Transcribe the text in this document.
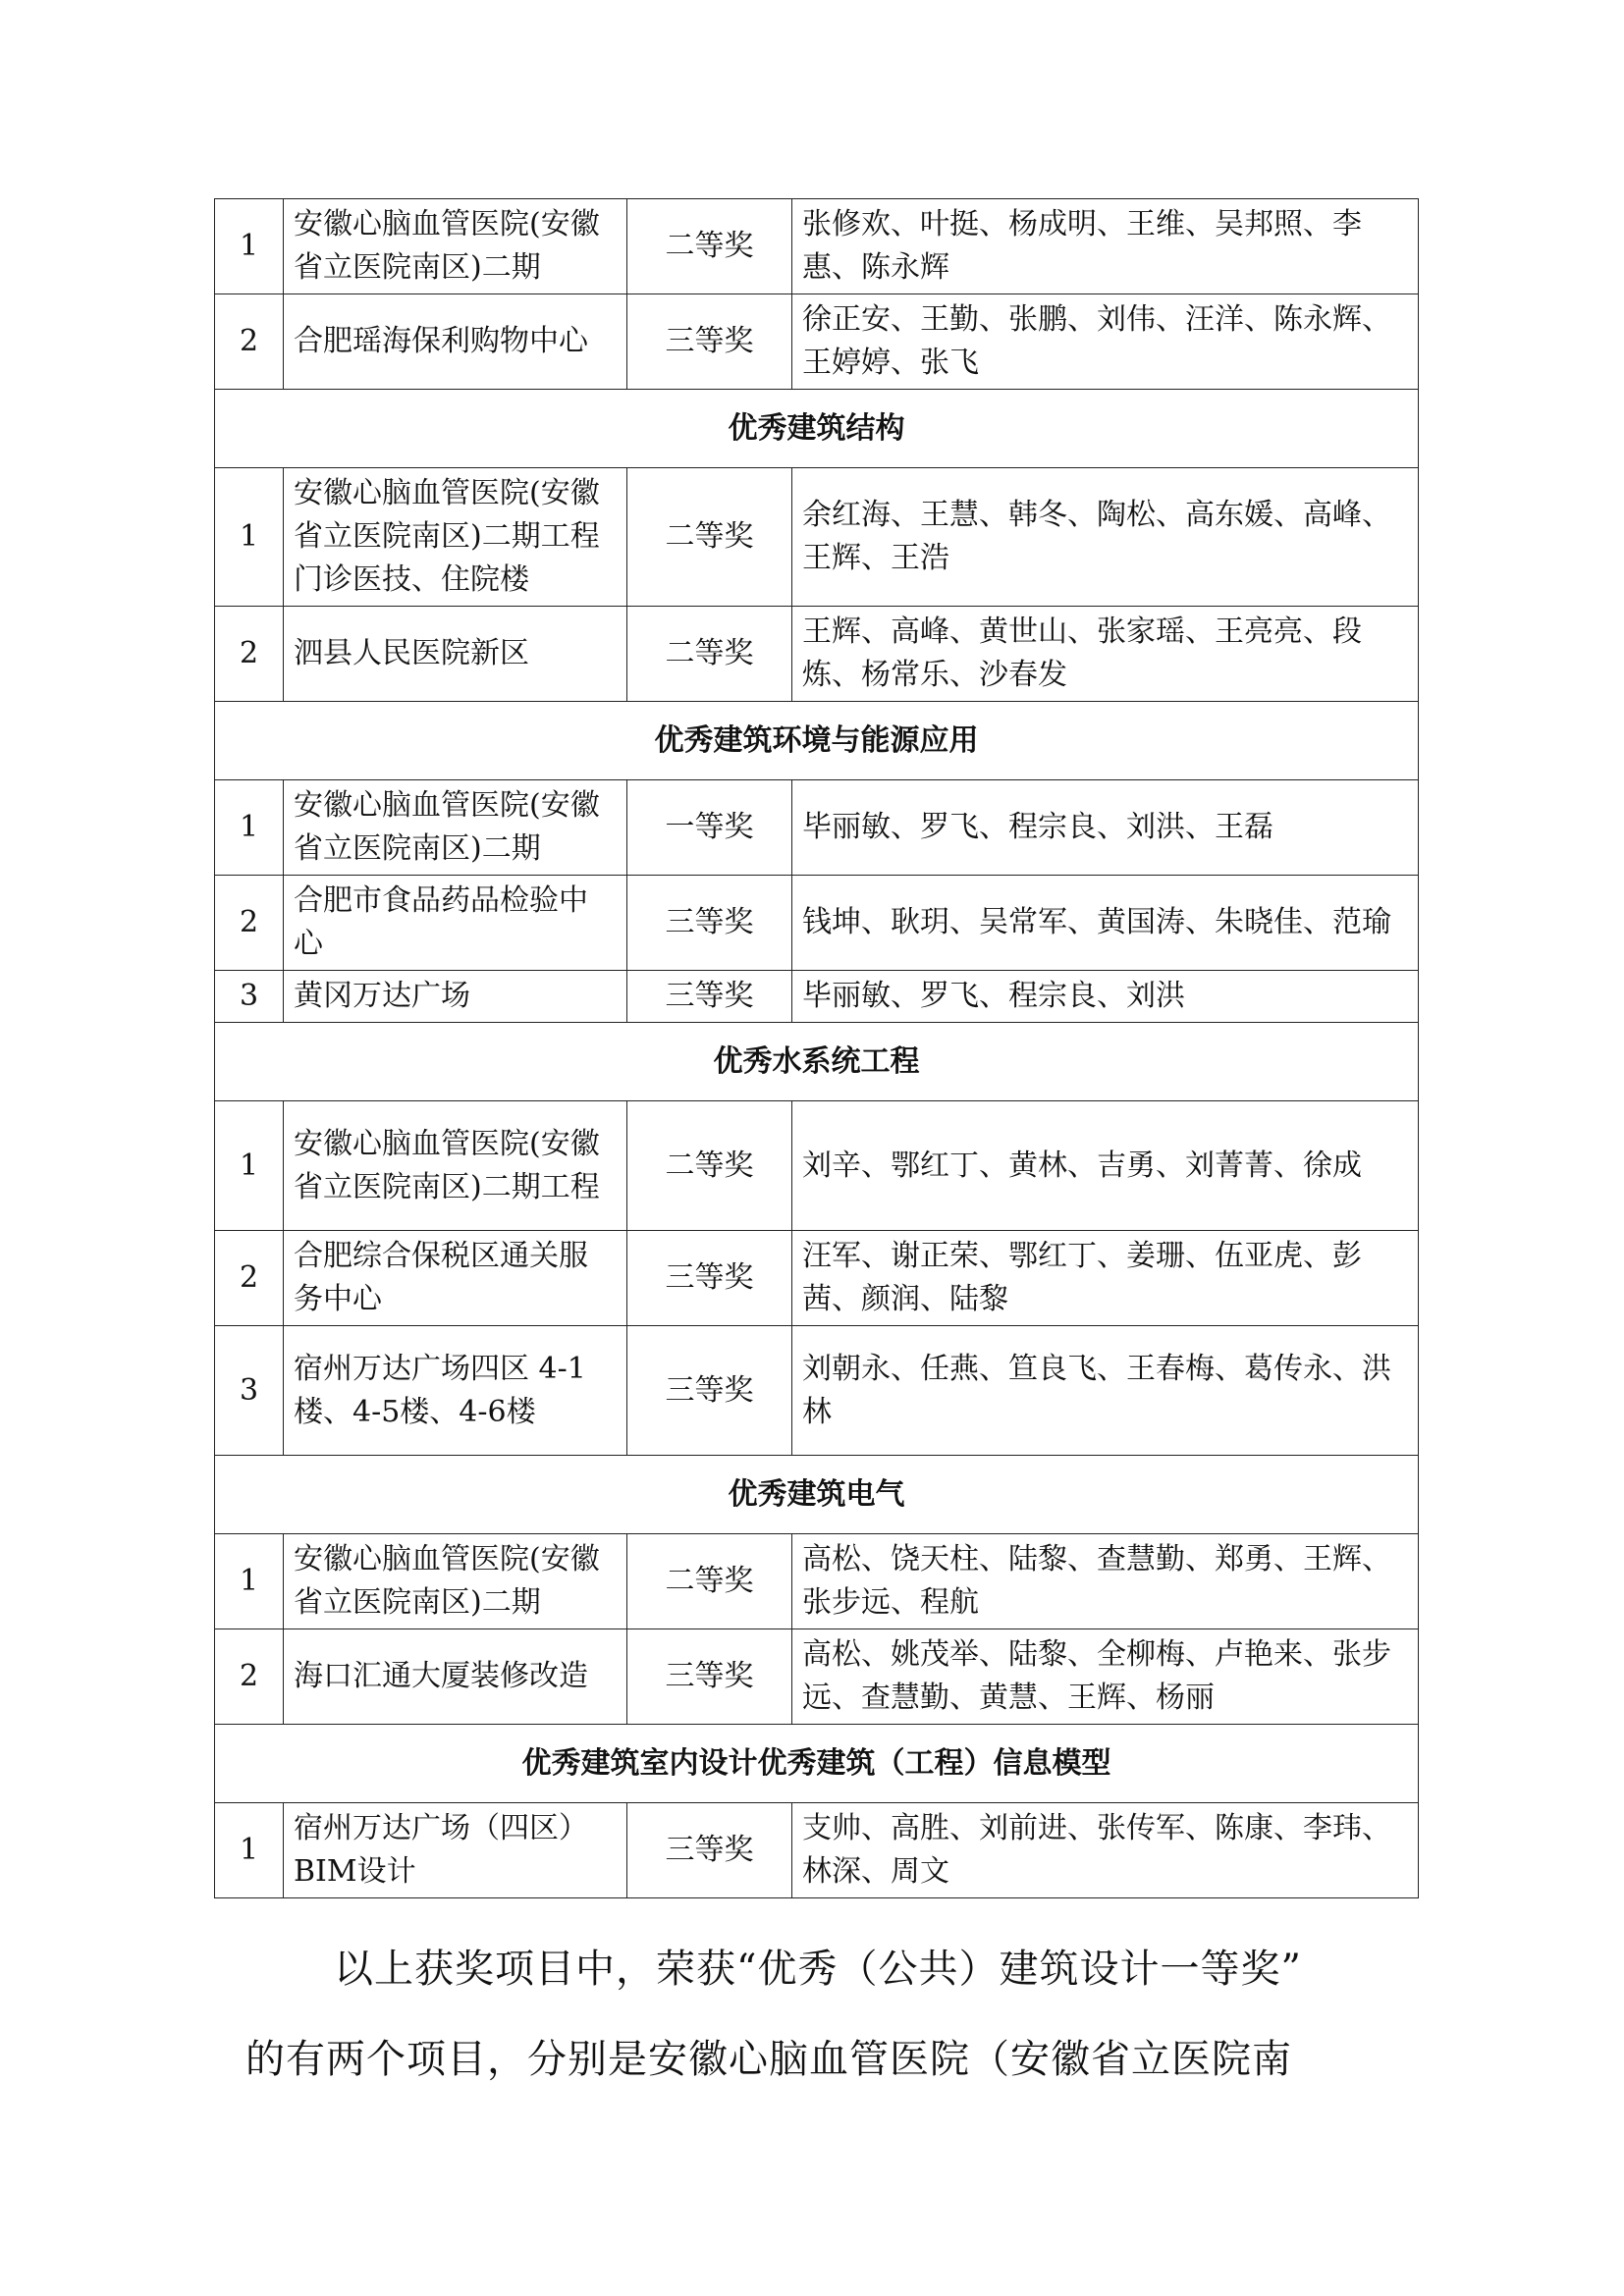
1	安徽心脑血管医院(安徽省立医院南区)二期	二等奖	张修欢、叶挺、杨成明、王维、吴邦照、李惠、陈永辉
2	合肥瑶海保利购物中心	三等奖	徐正安、王勤、张鹏、刘伟、汪洋、陈永辉、王婷婷、张飞
优秀建筑结构			
1	安徽心脑血管医院(安徽省立医院南区)二期工程门诊医技、住院楼	二等奖	余红海、王慧、韩冬、陶松、高东媛、高峰、王辉、王浩
2	泗县人民医院新区	二等奖	王辉、高峰、黄世山、张家瑶、王亮亮、段炼、杨常乐、沙春发
优秀建筑环境与能源应用			
1	安徽心脑血管医院(安徽省立医院南区)二期	一等奖	毕丽敏、罗飞、程宗良、刘洪、王磊
2	合肥市食品药品检验中心	三等奖	钱坤、耿玥、吴常军、黄国涛、朱晓佳、范瑜
3	黄冈万达广场	三等奖	毕丽敏、罗飞、程宗良、刘洪
优秀水系统工程			
1	安徽心脑血管医院(安徽省立医院南区)二期工程	二等奖	刘辛、鄂红丁、黄林、吉勇、刘菁菁、徐成
2	合肥综合保税区通关服务中心	三等奖	汪军、谢正荣、鄂红丁、姜珊、伍亚虎、彭茜、颜润、陆黎
3	宿州万达广场四区 4-1楼、4-5楼、4-6楼	三等奖	刘朝永、任燕、笪良飞、王春梅、葛传永、洪林
优秀建筑电气			
1	安徽心脑血管医院(安徽省立医院南区)二期	二等奖	高松、饶天柱、陆黎、查慧勤、郑勇、王辉、张步远、程航
2	海口汇通大厦装修改造	三等奖	高松、姚茂举、陆黎、全柳梅、卢艳来、张步远、查慧勤、黄慧、王辉、杨丽
优秀建筑室内设计优秀建筑（工程）信息模型			
1	宿州万达广场（四区）BIM设计	三等奖	支帅、高胜、刘前进、张传军、陈康、李玮、林深、周文
以上获奖项目中，荣获“优秀（公共）建筑设计一等奖”
的有两个项目，分别是安徽心脑血管医院（安徽省立医院南
